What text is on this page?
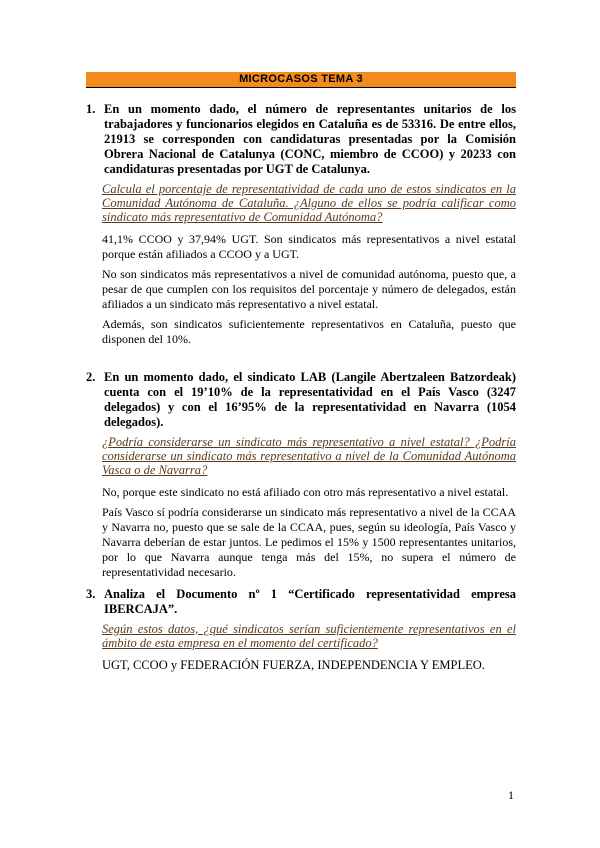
MICROCASOS TEMA 3
1. En un momento dado, el número de representantes unitarios de los trabajadores y funcionarios elegidos en Cataluña es de 53316. De entre ellos, 21913 se corresponden con candidaturas presentadas por la Comisión Obrera Nacional de Catalunya (CONC, miembro de CCOO) y 20233 con candidaturas presentadas por UGT de Catalunya.
Calcula el porcentaje de representatividad de cada uno de estos sindicatos en la Comunidad Autónoma de Cataluña. ¿Alguno de ellos se podría calificar como sindicato más representativo de Comunidad Autónoma?
41,1% CCOO y 37,94% UGT. Son sindicatos más representativos a nivel estatal porque están afiliados a CCOO y a UGT.
No son sindicatos más representativos a nivel de comunidad autónoma, puesto que, a pesar de que cumplen con los requisitos del porcentaje y número de delegados, están afiliados a un sindicato más representativo a nivel estatal.
Además, son sindicatos suficientemente representativos en Cataluña, puesto que disponen del 10%.
2. En un momento dado, el sindicato LAB (Langile Abertzaleen Batzordeak) cuenta con el 19’10% de la representatividad en el País Vasco (3247 delegados) y con el 16’95% de la representatividad en Navarra (1054 delegados).
¿Podría considerarse un sindicato más representativo a nivel estatal? ¿Podría considerarse un sindicato más representativo a nivel de la Comunidad Autónoma Vasca o de Navarra?
No, porque este sindicato no está afiliado con otro más representativo a nivel estatal.
País Vasco sí podría considerarse un sindicato más representativo a nivel de la CCAA y Navarra no, puesto que se sale de la CCAA, pues, según su ideología, País Vasco y Navarra deberían de estar juntos. Le pedimos el 15% y 1500 representantes unitarios, por lo que Navarra aunque tenga más del 15%, no supera el número de representatividad necesario.
3. Analiza el Documento nº 1 “Certificado representatividad empresa IBERCAJA”.
Según estos datos, ¿qué sindicatos serían suficientemente representativos en el ámbito de esta empresa en el momento del certificado?
UGT, CCOO y FEDERACIÓN FUERZA, INDEPENDENCIA Y EMPLEO.
1
